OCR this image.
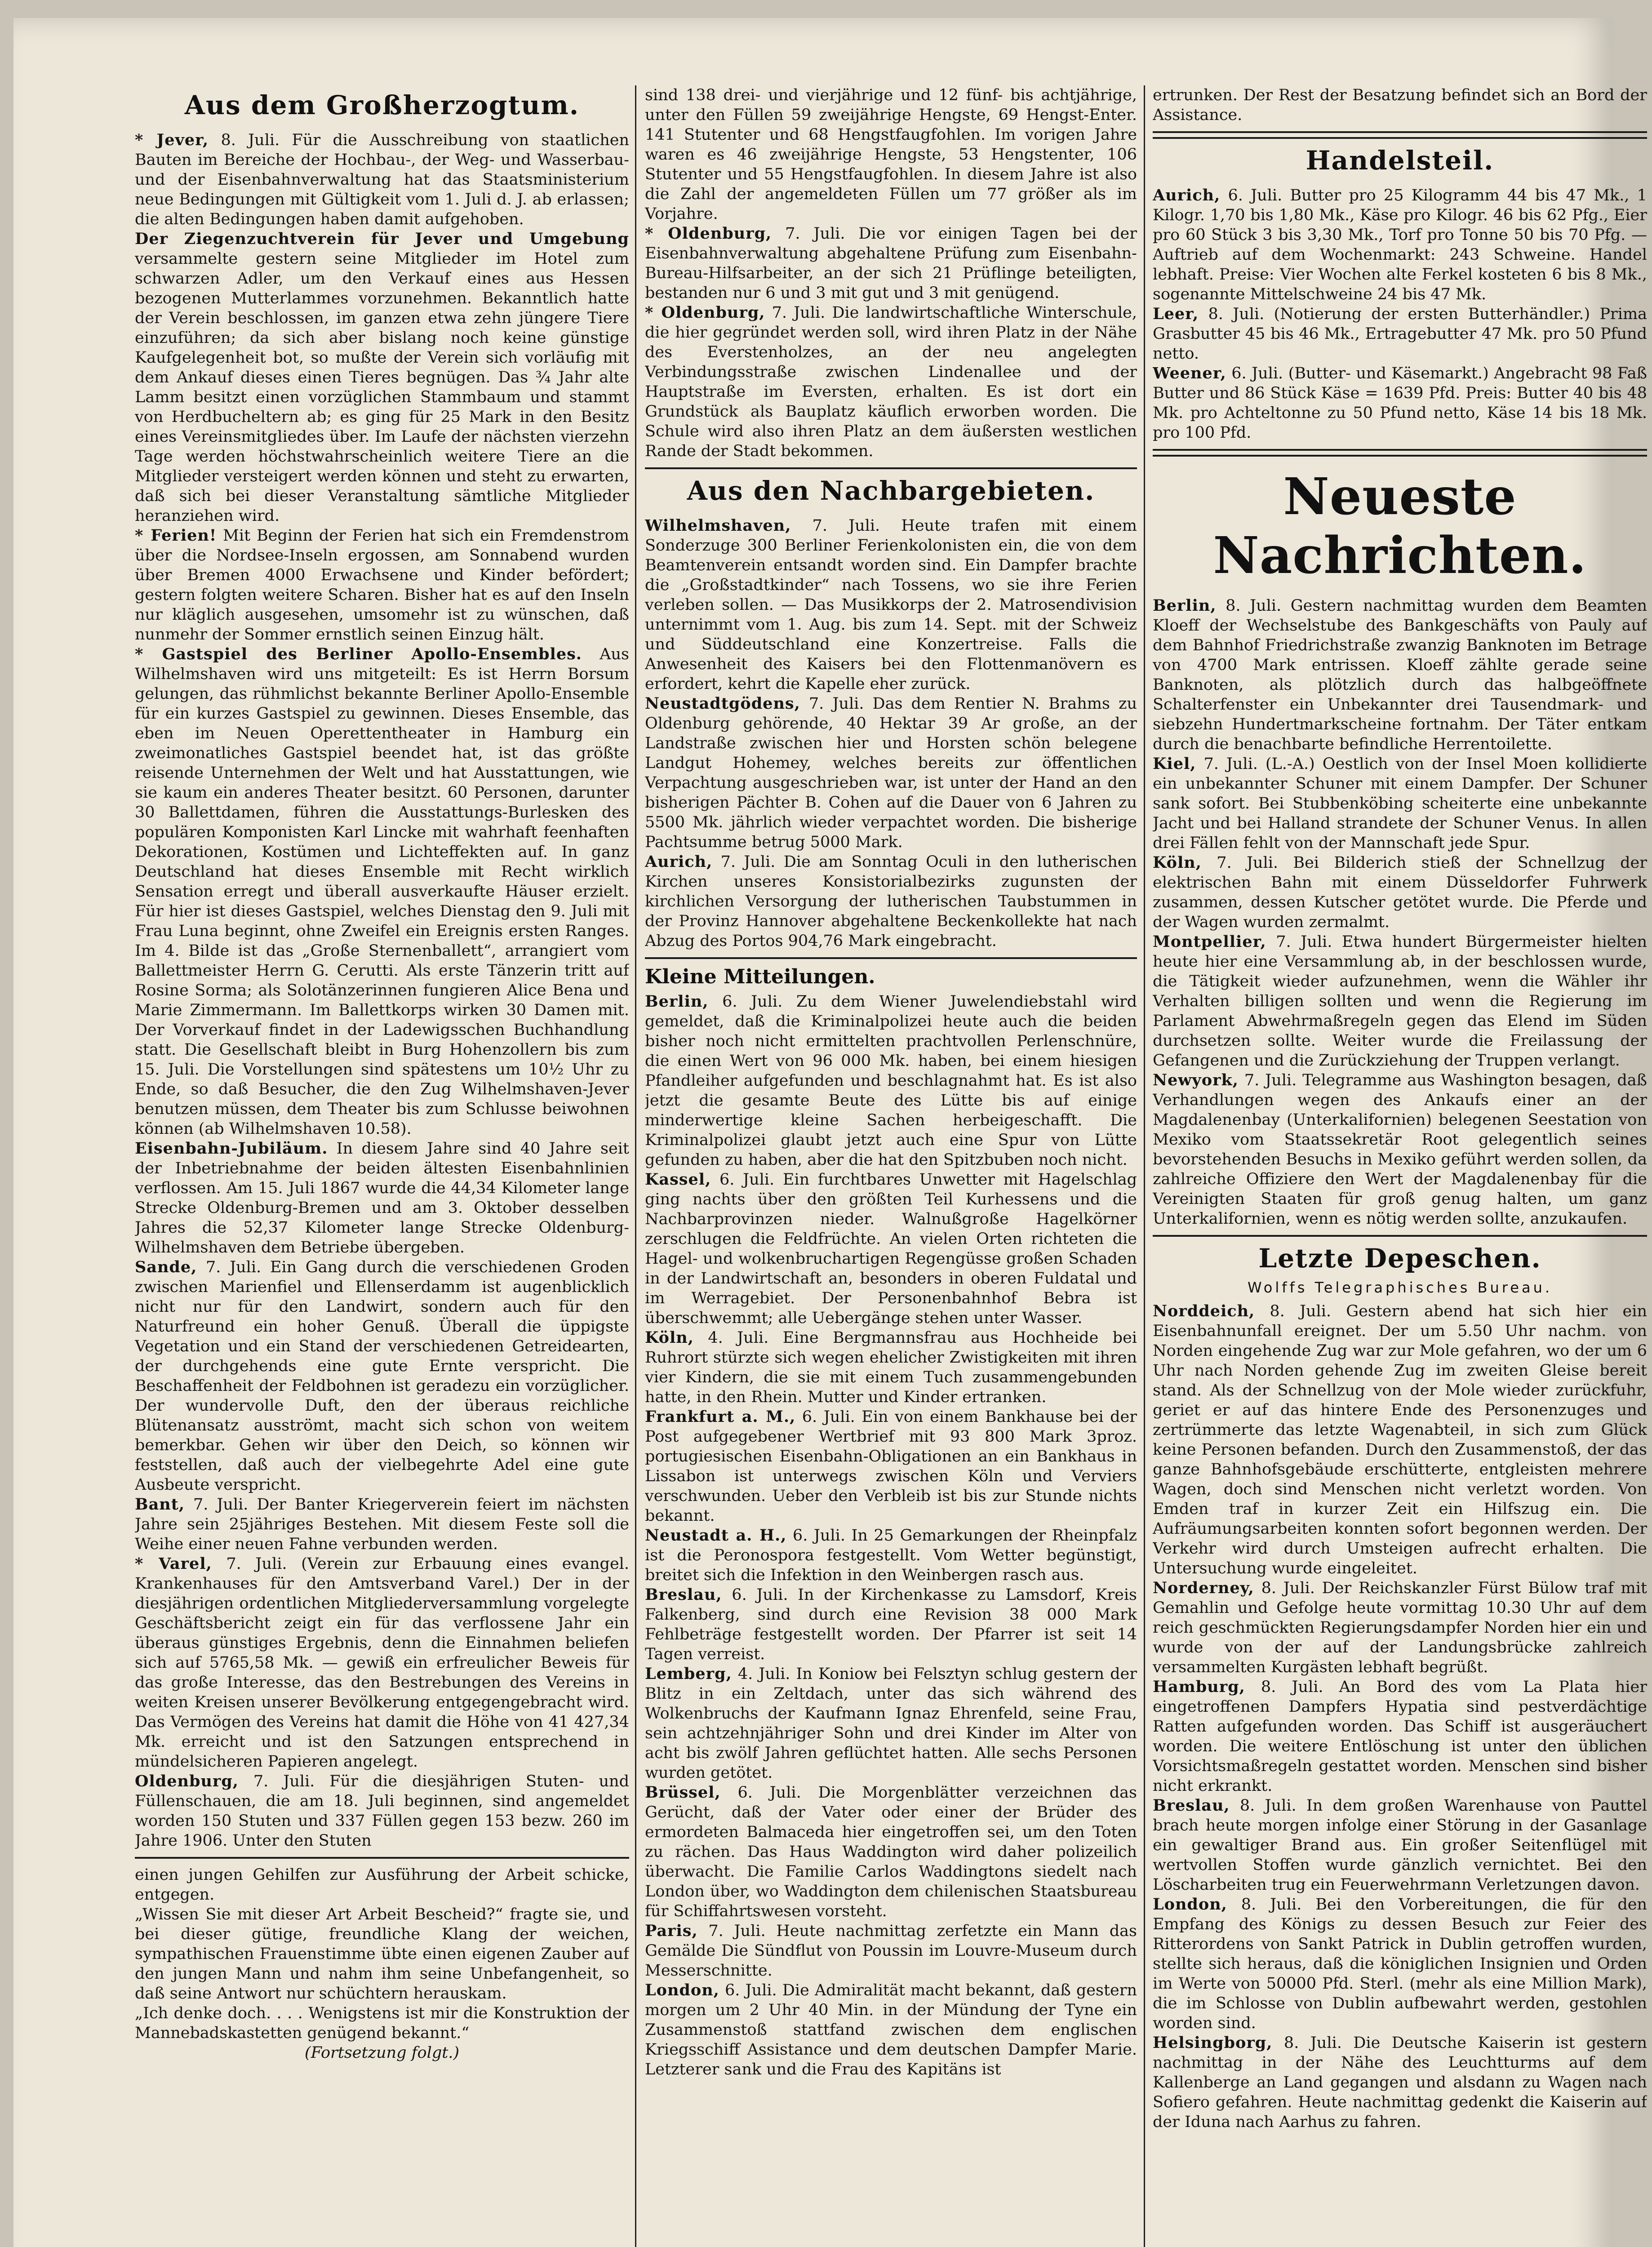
Aus dem Großherzogtum.

* Jever, 8. Juli. Für die Ausschreibung von staatlichen Bauten im Bereiche der Hochbau-, der Weg- und Wasserbau- und der Eisenbahnverwaltung hat das Staatsministerium neue Bedingungen mit Gültigkeit vom 1. Juli d. J. ab erlassen; die alten Bedingungen haben damit aufgehoben.

Der Ziegenzuchtverein für Jever und Umgebung versammelte gestern seine Mitglieder im Hotel zum schwarzen Adler, um den Verkauf eines aus Hessen bezogenen Mutterlammes vorzunehmen. Bekanntlich hatte der Verein beschlossen, im ganzen etwa zehn jüngere Tiere einzuführen; da sich aber bislang noch keine günstige Kaufgelegenheit bot, so mußte der Verein sich vorläufig mit dem Ankauf dieses einen Tieres begnügen. Das ¾ Jahr alte Lamm besitzt einen vorzüglichen Stammbaum und stammt von Herdbucheltern ab; es ging für 25 Mark in den Besitz eines Vereinsmitgliedes über. Im Laufe der nächsten vierzehn Tage werden höchstwahrscheinlich weitere Tiere an die Mitglieder versteigert werden können und steht zu erwarten, daß sich bei dieser Veranstaltung sämtliche Mitglieder heranziehen wird.

* Ferien! Mit Beginn der Ferien hat sich ein Fremdenstrom über die Nordsee-Inseln ergossen, am Sonnabend wurden über Bremen 4000 Erwachsene und Kinder befördert; gestern folgten weitere Scharen. Bisher hat es auf den Inseln nur kläglich ausgesehen, umsomehr ist zu wünschen, daß nunmehr der Sommer ernstlich seinen Einzug hält.

* Gastspiel des Berliner Apollo-Ensembles. Aus Wilhelmshaven wird uns mitgeteilt: Es ist Herrn Borsum gelungen, das rühmlichst bekannte Berliner Apollo-Ensemble für ein kurzes Gastspiel zu gewinnen. Dieses Ensemble, das eben im Neuen Operettentheater in Hamburg ein zweimonatliches Gastspiel beendet hat, ist das größte reisende Unternehmen der Welt und hat Ausstattungen, wie sie kaum ein anderes Theater besitzt. 60 Personen, darunter 30 Ballettdamen, führen die Ausstattungs-Burlesken des populären Komponisten Karl Lincke mit wahrhaft feenhaften Dekorationen, Kostümen und Lichteffekten auf. In ganz Deutschland hat dieses Ensemble mit Recht wirklich Sensation erregt und überall ausverkaufte Häuser erzielt. Für hier ist dieses Gastspiel, welches Dienstag den 9. Juli mit Frau Luna beginnt, ohne Zweifel ein Ereignis ersten Ranges. Im 4. Bilde ist das „Große Sternenballett“, arrangiert vom Ballettmeister Herrn G. Cerutti. Als erste Tänzerin tritt auf Rosine Sorma; als Solotänzerinnen fungieren Alice Bena und Marie Zimmermann. Im Ballettkorps wirken 30 Damen mit. Der Vorverkauf findet in der Ladewigsschen Buchhandlung statt. Die Gesellschaft bleibt in Burg Hohenzollern bis zum 15. Juli. Die Vorstellungen sind spätestens um 10½ Uhr zu Ende, so daß Besucher, die den Zug Wilhelmshaven-Jever benutzen müssen, dem Theater bis zum Schlusse beiwohnen können (ab Wilhelmshaven 10.58).

Eisenbahn-Jubiläum. In diesem Jahre sind 40 Jahre seit der Inbetriebnahme der beiden ältesten Eisenbahnlinien verflossen. Am 15. Juli 1867 wurde die 44,34 Kilometer lange Strecke Oldenburg-Bremen und am 3. Oktober desselben Jahres die 52,37 Kilometer lange Strecke Oldenburg-Wilhelmshaven dem Betriebe übergeben.

Sande, 7. Juli. Ein Gang durch die verschiedenen Groden zwischen Marienfiel und Ellenserdamm ist augenblicklich nicht nur für den Landwirt, sondern auch für den Naturfreund ein hoher Genuß. Überall die üppigste Vegetation und ein Stand der verschiedenen Getreidearten, der durchgehends eine gute Ernte verspricht. Die Beschaffenheit der Feldbohnen ist geradezu ein vorzüglicher. Der wundervolle Duft, den der überaus reichliche Blütenansatz ausströmt, macht sich schon von weitem bemerkbar. Gehen wir über den Deich, so können wir feststellen, daß auch der vielbegehrte Adel eine gute Ausbeute verspricht.

Bant, 7. Juli. Der Banter Kriegerverein feiert im nächsten Jahre sein 25jähriges Bestehen. Mit diesem Feste soll die Weihe einer neuen Fahne verbunden werden.

* Varel, 7. Juli. (Verein zur Erbauung eines evangel. Krankenhauses für den Amtsverband Varel.) Der in der diesjährigen ordentlichen Mitgliederversammlung vorgelegte Geschäftsbericht zeigt ein für das verflossene Jahr ein überaus günstiges Ergebnis, denn die Einnahmen beliefen sich auf 5765,58 Mk. — gewiß ein erfreulicher Beweis für das große Interesse, das den Bestrebungen des Vereins in weiten Kreisen unserer Bevölkerung entgegengebracht wird. Das Vermögen des Vereins hat damit die Höhe von 41 427,34 Mk. erreicht und ist den Satzungen entsprechend in mündelsicheren Papieren angelegt.

Oldenburg, 7. Juli. Für die diesjährigen Stuten- und Füllenschauen, die am 18. Juli beginnen, sind angemeldet worden 150 Stuten und 337 Füllen gegen 153 bezw. 260 im Jahre 1906. Unter den Stuten

einen jungen Gehilfen zur Ausführung der Arbeit schicke, entgegen.

„Wissen Sie mit dieser Art Arbeit Bescheid?“ fragte sie, und bei dieser gütige, freundliche Klang der weichen, sympathischen Frauenstimme übte einen eigenen Zauber auf den jungen Mann und nahm ihm seine Unbefangenheit, so daß seine Antwort nur schüchtern herauskam.

„Ich denke doch. . . . Wenigstens ist mir die Konstruktion der Mannebadskastetten genügend bekannt.“

(Fortsetzung folgt.)

sind 138 drei- und vierjährige und 12 fünf- bis achtjährige, unter den Füllen 59 zweijährige Hengste, 69 Hengst-Enter. 141 Stutenter und 68 Hengstfaugfohlen. Im vorigen Jahre waren es 46 zweijährige Hengste, 53 Hengstenter, 106 Stutenter und 55 Hengstfaugfohlen. In diesem Jahre ist also die Zahl der angemeldeten Füllen um 77 größer als im Vorjahre.

* Oldenburg, 7. Juli. Die vor einigen Tagen bei der Eisenbahnverwaltung abgehaltene Prüfung zum Eisenbahn-Bureau-Hilfsarbeiter, an der sich 21 Prüflinge beteiligten, bestanden nur 6 und 3 mit gut und 3 mit genügend.

* Oldenburg, 7. Juli. Die landwirtschaftliche Winterschule, die hier gegründet werden soll, wird ihren Platz in der Nähe des Everstenholzes, an der neu angelegten Verbindungsstraße zwischen Lindenallee und der Hauptstraße im Eversten, erhalten. Es ist dort ein Grundstück als Bauplatz käuflich erworben worden. Die Schule wird also ihren Platz an dem äußersten westlichen Rande der Stadt bekommen.

Aus den Nachbargebieten.

Wilhelmshaven, 7. Juli. Heute trafen mit einem Sonderzuge 300 Berliner Ferienkolonisten ein, die von dem Beamtenverein entsandt worden sind. Ein Dampfer brachte die „Großstadtkinder“ nach Tossens, wo sie ihre Ferien verleben sollen. — Das Musikkorps der 2. Matrosendivision unternimmt vom 1. Aug. bis zum 14. Sept. mit der Schweiz und Süddeutschland eine Konzertreise. Falls die Anwesenheit des Kaisers bei den Flottenmanövern es erfordert, kehrt die Kapelle eher zurück.

Neustadtgödens, 7. Juli. Das dem Rentier N. Brahms zu Oldenburg gehörende, 40 Hektar 39 Ar große, an der Landstraße zwischen hier und Horsten schön belegene Landgut Hohemey, welches bereits zur öffentlichen Verpachtung ausgeschrieben war, ist unter der Hand an den bisherigen Pächter B. Cohen auf die Dauer von 6 Jahren zu 5500 Mk. jährlich wieder verpachtet worden. Die bisherige Pachtsumme betrug 5000 Mark.

Aurich, 7. Juli. Die am Sonntag Oculi in den lutherischen Kirchen unseres Konsistorialbezirks zugunsten der kirchlichen Versorgung der lutherischen Taubstummen in der Provinz Hannover abgehaltene Beckenkollekte hat nach Abzug des Portos 904,76 Mark eingebracht.

Kleine Mitteilungen.

Berlin, 6. Juli. Zu dem Wiener Juwelendiebstahl wird gemeldet, daß die Kriminalpolizei heute auch die beiden bisher noch nicht ermittelten prachtvollen Perlenschnüre, die einen Wert von 96 000 Mk. haben, bei einem hiesigen Pfandleiher aufgefunden und beschlagnahmt hat. Es ist also jetzt die gesamte Beute des Lütte bis auf einige minderwertige kleine Sachen herbeigeschafft. Die Kriminalpolizei glaubt jetzt auch eine Spur von Lütte gefunden zu haben, aber die hat den Spitzbuben noch nicht.

Kassel, 6. Juli. Ein furchtbares Unwetter mit Hagelschlag ging nachts über den größten Teil Kurhessens und die Nachbarprovinzen nieder. Walnußgroße Hagelkörner zerschlugen die Feldfrüchte. An vielen Orten richteten die Hagel- und wolkenbruchartigen Regengüsse großen Schaden in der Landwirtschaft an, besonders in oberen Fuldatal und im Werragebiet. Der Personenbahnhof Bebra ist überschwemmt; alle Uebergänge stehen unter Wasser.

Köln, 4. Juli. Eine Bergmannsfrau aus Hochheide bei Ruhrort stürzte sich wegen ehelicher Zwistigkeiten mit ihren vier Kindern, die sie mit einem Tuch zusammengebunden hatte, in den Rhein. Mutter und Kinder ertranken.

Frankfurt a. M., 6. Juli. Ein von einem Bankhause bei der Post aufgegebener Wertbrief mit 93 800 Mark 3proz. portugiesischen Eisenbahn-Obligationen an ein Bankhaus in Lissabon ist unterwegs zwischen Köln und Verviers verschwunden. Ueber den Verbleib ist bis zur Stunde nichts bekannt.

Neustadt a. H., 6. Juli. In 25 Gemarkungen der Rheinpfalz ist die Peronospora festgestellt. Vom Wetter begünstigt, breitet sich die Infektion in den Weinbergen rasch aus.

Breslau, 6. Juli. In der Kirchenkasse zu Lamsdorf, Kreis Falkenberg, sind durch eine Revision 38 000 Mark Fehlbeträge festgestellt worden. Der Pfarrer ist seit 14 Tagen verreist.

Lemberg, 4. Juli. In Koniow bei Felsztyn schlug gestern der Blitz in ein Zeltdach, unter das sich während des Wolkenbruchs der Kaufmann Ignaz Ehrenfeld, seine Frau, sein achtzehnjähriger Sohn und drei Kinder im Alter von acht bis zwölf Jahren geflüchtet hatten. Alle sechs Personen wurden getötet.

Brüssel, 6. Juli. Die Morgenblätter verzeichnen das Gerücht, daß der Vater oder einer der Brüder des ermordeten Balmaceda hier eingetroffen sei, um den Toten zu rächen. Das Haus Waddington wird daher polizeilich überwacht. Die Familie Carlos Waddingtons siedelt nach London über, wo Waddington dem chilenischen Staatsbureau für Schiffahrtswesen vorsteht.

Paris, 7. Juli. Heute nachmittag zerfetzte ein Mann das Gemälde Die Sündflut von Poussin im Louvre-Museum durch Messerschnitte.

London, 6. Juli. Die Admiralität macht bekannt, daß gestern morgen um 2 Uhr 40 Min. in der Mündung der Tyne ein Zusammenstoß stattfand zwischen dem englischen Kriegsschiff Assistance und dem deutschen Dampfer Marie. Letzterer sank und die Frau des Kapitäns ist

ertrunken. Der Rest der Besatzung befindet sich an Bord der Assistance.

Handelsteil.

Aurich, 6. Juli. Butter pro 25 Kilogramm 44 bis 47 Mk., 1 Kilogr. 1,70 bis 1,80 Mk., Käse pro Kilogr. 46 bis 62 Pfg., Eier pro 60 Stück 3 bis 3,30 Mk., Torf pro Tonne 50 bis 70 Pfg. — Auftrieb auf dem Wochenmarkt: 243 Schweine. Handel lebhaft. Preise: Vier Wochen alte Ferkel kosteten 6 bis 8 Mk., sogenannte Mittelschweine 24 bis 47 Mk.

Leer, 8. Juli. (Notierung der ersten Butterhändler.) Prima Grasbutter 45 bis 46 Mk., Ertragebutter 47 Mk. pro 50 Pfund netto.

Weener, 6. Juli. (Butter- und Käsemarkt.) Angebracht 98 Faß Butter und 86 Stück Käse = 1639 Pfd. Preis: Butter 40 bis 48 Mk. pro Achteltonne zu 50 Pfund netto, Käse 14 bis 18 Mk. pro 100 Pfd.

Neueste Nachrichten.

Berlin, 8. Juli. Gestern nachmittag wurden dem Beamten Kloeff der Wechselstube des Bankgeschäfts von Pauly auf dem Bahnhof Friedrichstraße zwanzig Banknoten im Betrage von 4700 Mark entrissen. Kloeff zählte gerade seine Banknoten, als plötzlich durch das halbgeöffnete Schalterfenster ein Unbekannter drei Tausendmark- und siebzehn Hundertmarkscheine fortnahm. Der Täter entkam durch die benachbarte befindliche Herrentoilette.

Kiel, 7. Juli. (L.-A.) Oestlich von der Insel Moen kollidierte ein unbekannter Schuner mit einem Dampfer. Der Schuner sank sofort. Bei Stubbenköbing scheiterte eine unbekannte Jacht und bei Halland strandete der Schuner Venus. In allen drei Fällen fehlt von der Mannschaft jede Spur.

Köln, 7. Juli. Bei Bilderich stieß der Schnellzug der elektrischen Bahn mit einem Düsseldorfer Fuhrwerk zusammen, dessen Kutscher getötet wurde. Die Pferde und der Wagen wurden zermalmt.

Montpellier, 7. Juli. Etwa hundert Bürgermeister hielten heute hier eine Versammlung ab, in der beschlossen wurde, die Tätigkeit wieder aufzunehmen, wenn die Wähler ihr Verhalten billigen sollten und wenn die Regierung im Parlament Abwehrmaßregeln gegen das Elend im Süden durchsetzen sollte. Weiter wurde die Freilassung der Gefangenen und die Zurückziehung der Truppen verlangt.

Newyork, 7. Juli. Telegramme aus Washington besagen, daß Verhandlungen wegen des Ankaufs einer an der Magdalenenbay (Unterkalifornien) belegenen Seestation von Mexiko vom Staatssekretär Root gelegentlich seines bevorstehenden Besuchs in Mexiko geführt werden sollen, da zahlreiche Offiziere den Wert der Magdalenenbay für die Vereinigten Staaten für groß genug halten, um ganz Unterkalifornien, wenn es nötig werden sollte, anzukaufen.

Letzte Depeschen.
Wolffs Telegraphisches Bureau.

Norddeich, 8. Juli. Gestern abend hat sich hier ein Eisenbahnunfall ereignet. Der um 5.50 Uhr nachm. von Norden eingehende Zug war zur Mole gefahren, wo der um 6 Uhr nach Norden gehende Zug im zweiten Gleise bereit stand. Als der Schnellzug von der Mole wieder zurückfuhr, geriet er auf das hintere Ende des Personenzuges und zertrümmerte das letzte Wagenabteil, in sich zum Glück keine Personen befanden. Durch den Zusammenstoß, der das ganze Bahnhofsgebäude erschütterte, entgleisten mehrere Wagen, doch sind Menschen nicht verletzt worden. Von Emden traf in kurzer Zeit ein Hilfszug ein. Die Aufräumungsarbeiten konnten sofort begonnen werden. Der Verkehr wird durch Umsteigen aufrecht erhalten. Die Untersuchung wurde eingeleitet.

Norderney, 8. Juli. Der Reichskanzler Fürst Bülow traf mit Gemahlin und Gefolge heute vormittag 10.30 Uhr auf dem reich geschmückten Regierungsdampfer Norden hier ein und wurde von der auf der Landungsbrücke zahlreich versammelten Kurgästen lebhaft begrüßt.

Hamburg, 8. Juli. An Bord des vom La Plata hier eingetroffenen Dampfers Hypatia sind pestverdächtige Ratten aufgefunden worden. Das Schiff ist ausgeräuchert worden. Die weitere Entlöschung ist unter den üblichen Vorsichtsmaßregeln gestattet worden. Menschen sind bisher nicht erkrankt.

Breslau, 8. Juli. In dem großen Warenhause von Pauttel brach heute morgen infolge einer Störung in der Gasanlage ein gewaltiger Brand aus. Ein großer Seitenflügel mit wertvollen Stoffen wurde gänzlich vernichtet. Bei den Löscharbeiten trug ein Feuerwehrmann Verletzungen davon.

London, 8. Juli. Bei den Vorbereitungen, die für den Empfang des Königs zu dessen Besuch zur Feier des Ritterordens von Sankt Patrick in Dublin getroffen wurden, stellte sich heraus, daß die königlichen Insignien und Orden im Werte von 50000 Pfd. Sterl. (mehr als eine Million Mark), die im Schlosse von Dublin aufbewahrt werden, gestohlen worden sind.

Helsingborg, 8. Juli. Die Deutsche Kaiserin ist gestern nachmittag in der Nähe des Leuchtturms auf dem Kallenberge an Land gegangen und alsdann zu Wagen nach Sofiero gefahren. Heute nachmittag gedenkt die Kaiserin auf der Iduna nach Aarhus zu fahren.
